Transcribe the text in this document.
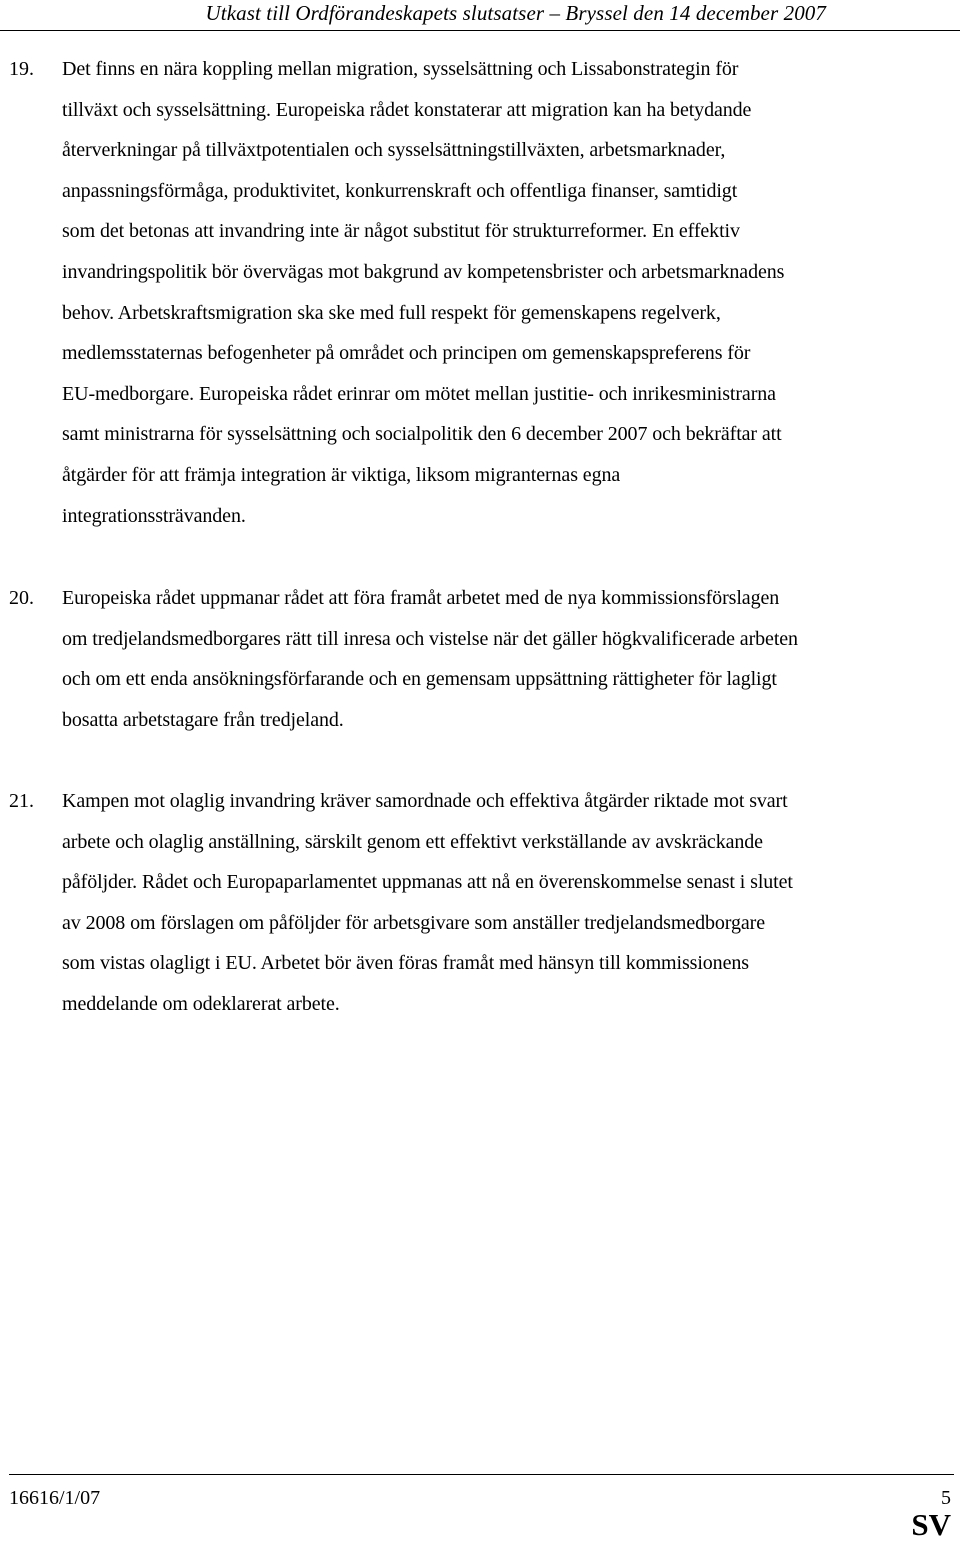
Utkast till Ordförandeskapets slutsatser – Bryssel den 14 december 2007
19. Det finns en nära koppling mellan migration, sysselsättning och Lissabonstrategin för
tillväxt och sysselsättning. Europeiska rådet konstaterar att migration kan ha betydande
återverkningar på tillväxtpotentialen och sysselsättningstillväxten, arbetsmarknader,
anpassningsförmåga, produktivitet, konkurrenskraft och offentliga finanser, samtidigt
som det betonas att invandring inte är något substitut för strukturreformer. En effektiv
invandringspolitik bör övervägas mot bakgrund av kompetensbrister och arbetsmarknadens
behov. Arbetskraftsmigration ska ske med full respekt för gemenskapens regelverk,
medlemsstaternas befogenheter på området och principen om gemenskapspreferens för
EU-medborgare. Europeiska rådet erinrar om mötet mellan justitie- och inrikesministrarna
samt ministrarna för sysselsättning och socialpolitik den 6 december 2007 och bekräftar att
åtgärder för att främja integration är viktiga, liksom migranternas egna
integrationssträvanden.
20. Europeiska rådet uppmanar rådet att föra framåt arbetet med de nya kommissionsförslagen
om tredjelandsmedborgares rätt till inresa och vistelse när det gäller högkvalificerade arbeten
och om ett enda ansökningsförfarande och en gemensam uppsättning rättigheter för lagligt
bosatta arbetstagare från tredjeland.
21. Kampen mot olaglig invandring kräver samordnade och effektiva åtgärder riktade mot svart
arbete och olaglig anställning, särskilt genom ett effektivt verkställande av avskräckande
påföljder. Rådet och Europaparlamentet uppmanas att nå en överenskommelse senast i slutet
av 2008 om förslagen om påföljder för arbetsgivare som anställer tredjelandsmedborgare
som vistas olagligt i EU. Arbetet bör även föras framåt med hänsyn till kommissionens
meddelande om odeklarerat arbete.
16616/1/07	5
SV
